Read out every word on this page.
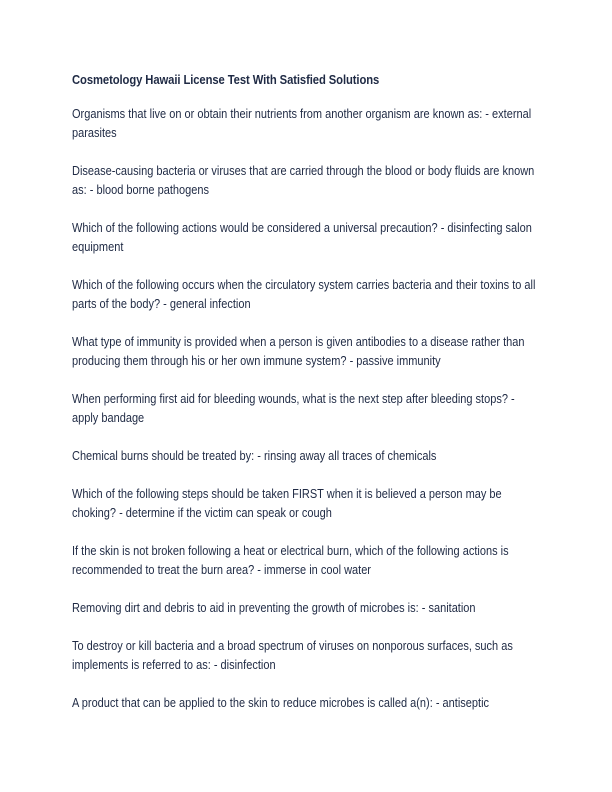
Cosmetology Hawaii License Test With Satisfied Solutions
Organisms that live on or obtain their nutrients from another organism are known as: - external parasites
Disease-causing bacteria or viruses that are carried through the blood or body fluids are known as: - blood borne pathogens
Which of the following actions would be considered a universal precaution? - disinfecting salon equipment
Which of the following occurs when the circulatory system carries bacteria and their toxins to all parts of the body? - general infection
What type of immunity is provided when a person is given antibodies to a disease rather than producing them through his or her own immune system? - passive immunity
When performing first aid for bleeding wounds, what is the next step after bleeding stops? - apply bandage
Chemical burns should be treated by: - rinsing away all traces of chemicals
Which of the following steps should be taken FIRST when it is believed a person may be choking? - determine if the victim can speak or cough
If the skin is not broken following a heat or electrical burn, which of the following actions is recommended to treat the burn area? - immerse in cool water
Removing dirt and debris to aid in preventing the growth of microbes is: - sanitation
To destroy or kill bacteria and a broad spectrum of viruses on nonporous surfaces, such as implements is referred to as: - disinfection
A product that can be applied to the skin to reduce microbes is called a(n): - antiseptic
